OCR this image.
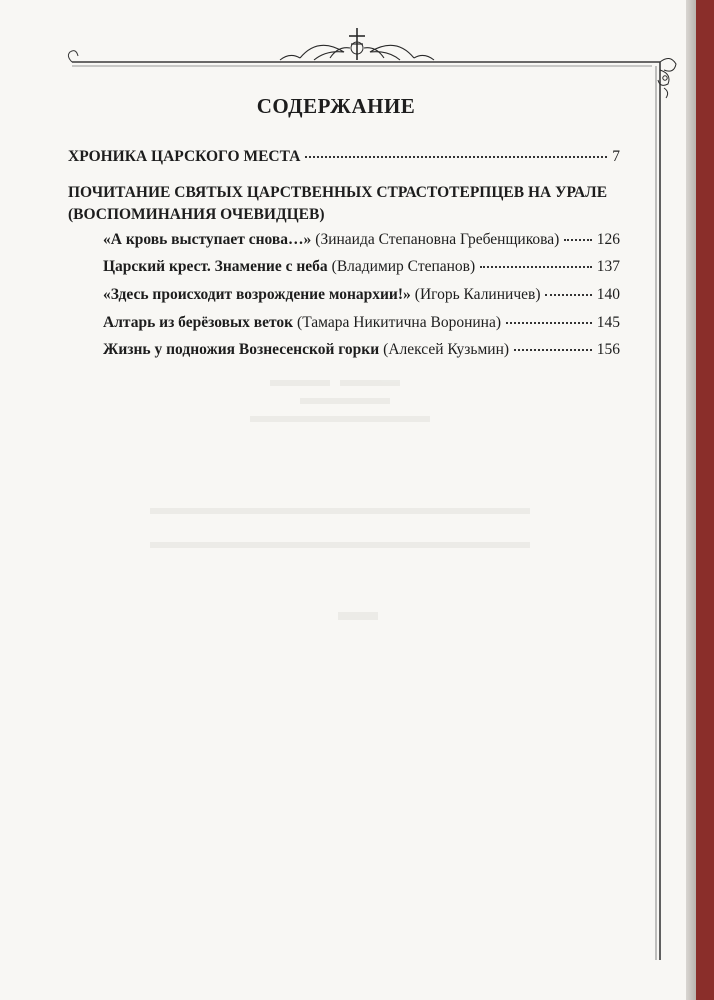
СОДЕРЖАНИЕ
ХРОНИКА ЦАРСКОГО МЕСТА	7
ПОЧИТАНИЕ СВЯТЫХ ЦАРСТВЕННЫХ СТРАСТОТЕРПЦЕВ НА УРАЛЕ
(ВОСПОМИНАНИЯ ОЧЕВИДЦЕВ)
«А кровь выступает снова…» (Зинаида Степановна Гребенщикова) 126
Царский крест. Знамение с неба (Владимир Степанов)	137
«Здесь происходит возрождение монархии!» (Игорь Калиничев)	140
Алтарь из берёзовых веток (Тамара Никитична Воронина)	145
Жизнь у подножия Вознесенской горки (Алексей Кузьмин)	156
